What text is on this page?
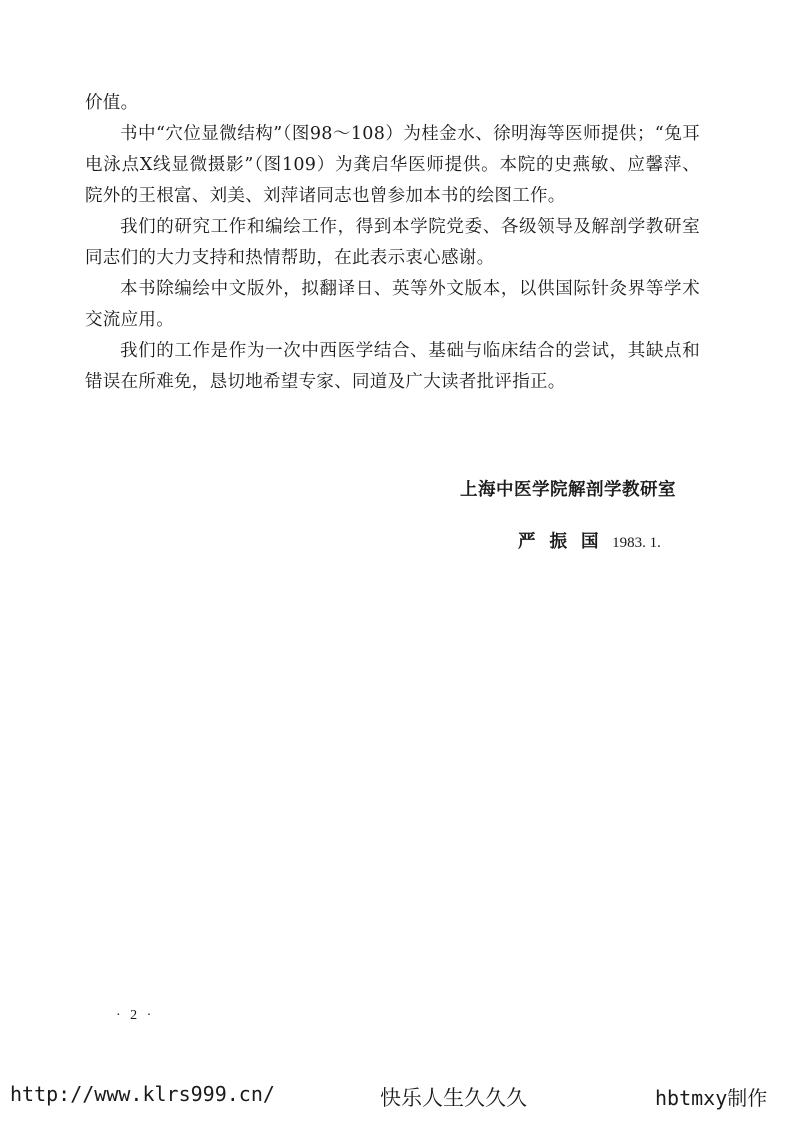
价值。

书中“穴位显微结构”（图98～108）为桂金水、徐明海等医师提供；“兔耳电泳点X线显微摄影”（图109）为龚启华医师提供。本院的史燕敏、应馨萍、院外的王根富、刘美、刘萍诸同志也曾参加本书的绘图工作。

我们的研究工作和编绘工作，得到本学院党委、各级领导及解剖学教研室同志们的大力支持和热情帮助，在此表示衷心感谢。

本书除编绘中文版外，拟翻译日、英等外文版本，以供国际针灸界等学术交流应用。

我们的工作是作为一次中西医学结合、基础与临床结合的尝试，其缺点和错误在所难免，恳切地希望专家、同道及广大读者批评指正。

上海中医学院解剖学教研室
严振国 1983. 1.
· 2 ·
http://www.klrs999.cn/	快乐人生久久久	hbtmxy制作
